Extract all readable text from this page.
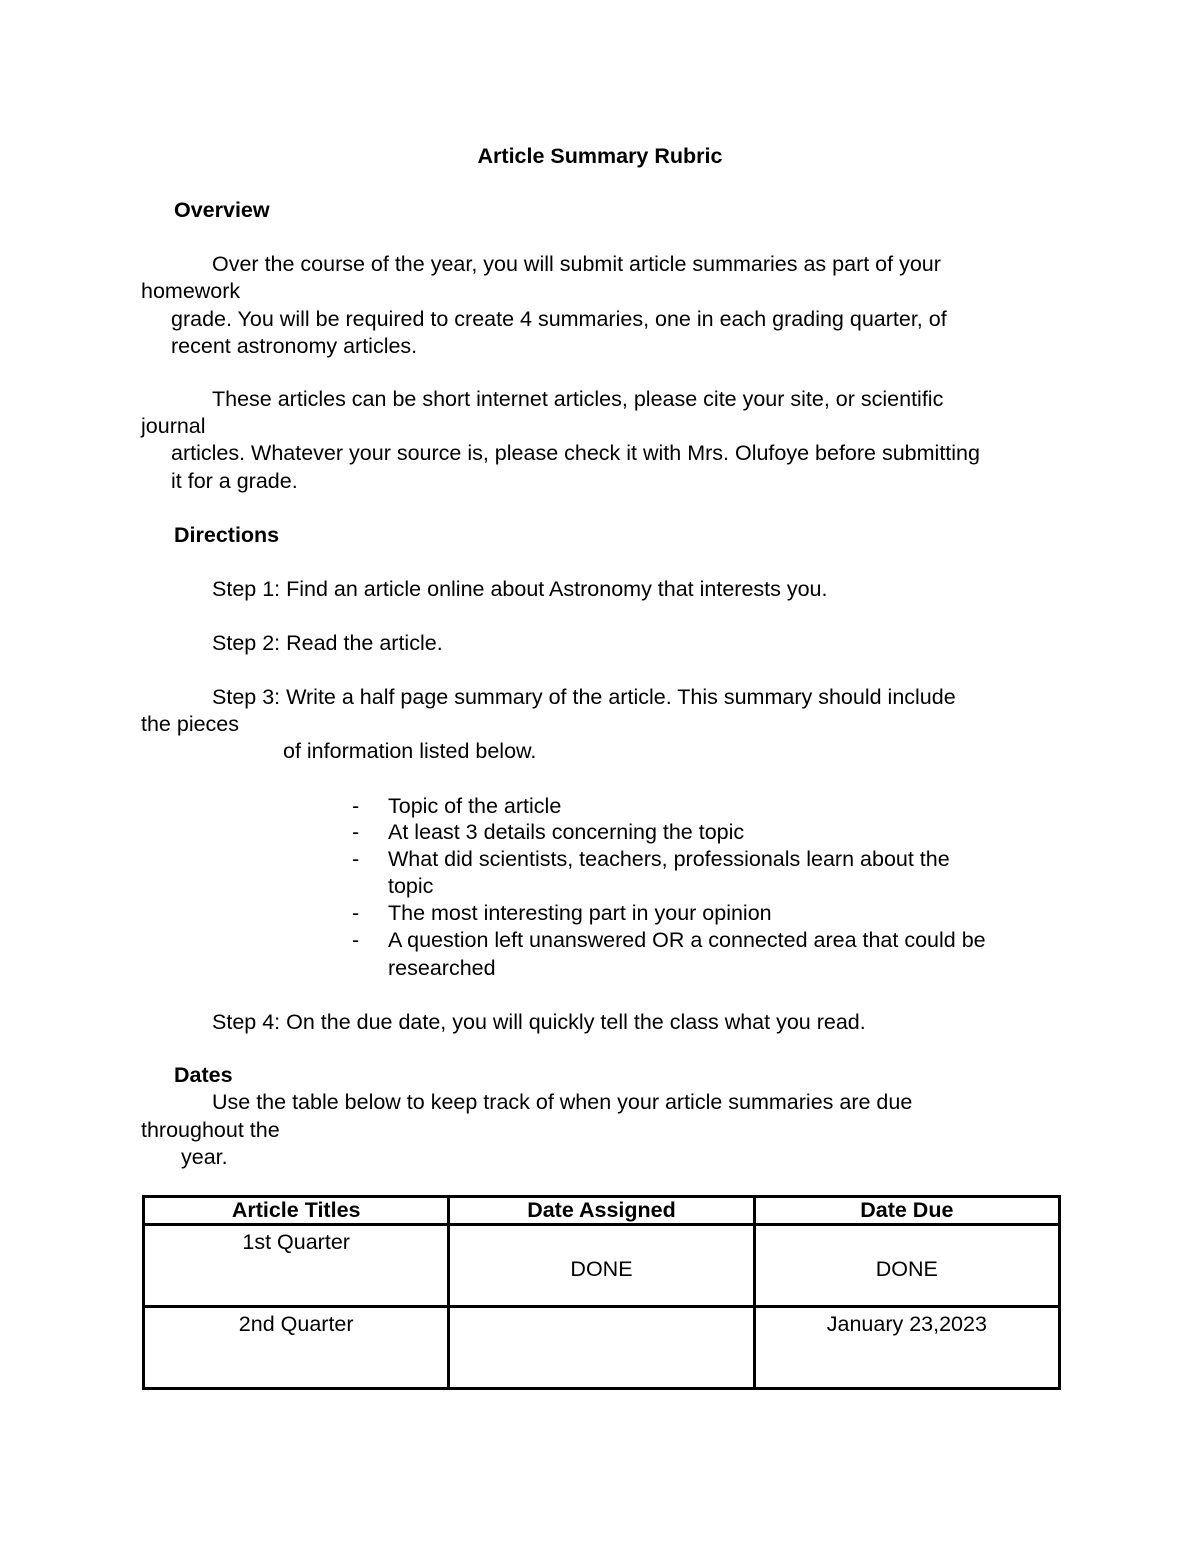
Article Summary Rubric
Overview
Over the course of the year, you will submit article summaries as part of your
homework
grade. You will be required to create 4 summaries, one in each grading quarter, of
recent astronomy articles.
These articles can be short internet articles, please cite your site, or scientific
journal
articles. Whatever your source is, please check it with Mrs. Olufoye before submitting
it for a grade.
Directions
Step 1: Find an article online about Astronomy that interests you.
Step 2: Read the article.
Step 3: Write a half page summary of the article. This summary should include
the pieces
of information listed below.
- Topic of the article
- At least 3 details concerning the topic
- What did scientists, teachers, professionals learn about the
topic
- The most interesting part in your opinion
- A question left unanswered OR a connected area that could be
researched
Step 4: On the due date, you will quickly tell the class what you read.
Dates
Use the table below to keep track of when your article summaries are due
throughout the
year.
Article Titles	Date Assigned	Date Due

1st Quarter	DONE	DONE

2nd Quarter		January 23,2023
